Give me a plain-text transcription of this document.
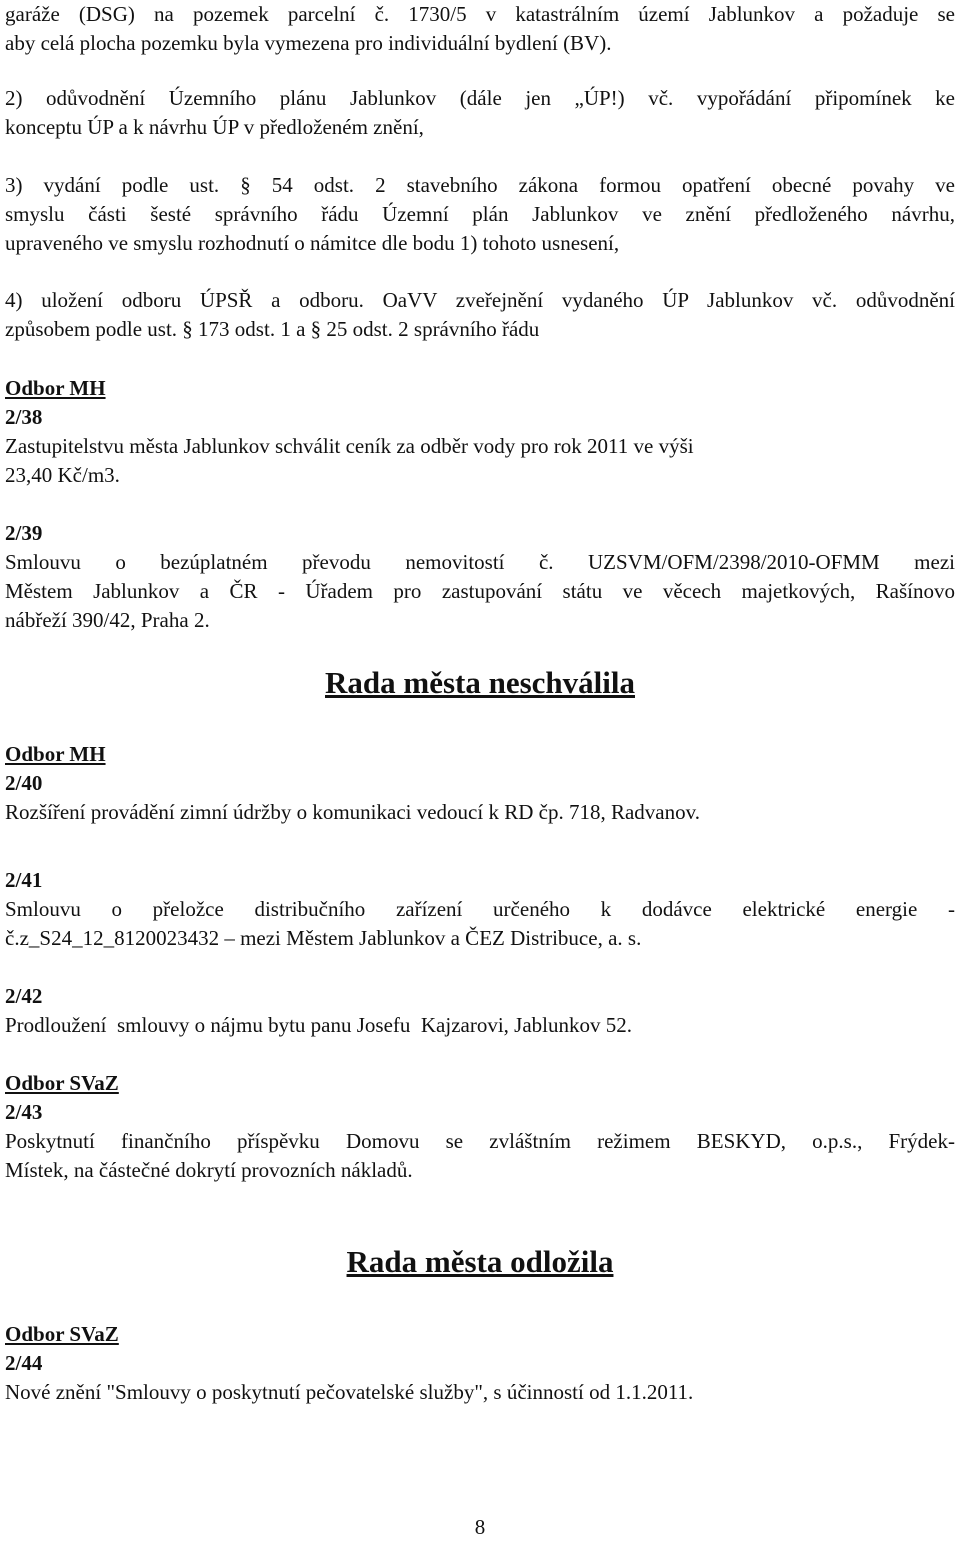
garáže (DSG) na pozemek parcelní č. 1730/5 v katastrálním území Jablunkov a požaduje se

aby celá plocha pozemku byla vymezena pro individuální bydlení (BV).

2) odůvodnění Územního plánu Jablunkov (dále jen „ÚP!) vč. vypořádání připomínek ke

konceptu ÚP a k návrhu ÚP v předloženém znění,

3) vydání podle ust. § 54 odst. 2 stavebního zákona formou opatření obecné povahy ve

smyslu části šesté správního řádu Územní plán Jablunkov ve znění předloženého návrhu,

upraveného ve smyslu rozhodnutí o námitce dle bodu 1) tohoto usnesení,

4) uložení odboru ÚPSŘ a odboru. OaVV zveřejnění vydaného ÚP Jablunkov vč. odůvodnění

způsobem podle ust. § 173 odst. 1 a § 25 odst. 2 správního řádu

Odbor MH
2/38

Zastupitelstvu města Jablunkov schválit ceník za odběr vody pro rok 2011 ve výši

23,40 Kč/m3.

2/39

Smlouvu o bezúplatném převodu nemovitostí č. UZSVM/OFM/2398/2010-OFMM mezi

Městem Jablunkov a ČR - Úřadem pro zastupování státu ve věcech majetkových, Rašínovo

nábřeží 390/42, Praha 2.

Rada města neschválila
Odbor MH
2/40

Rozšíření provádění zimní údržby o komunikaci vedoucí k RD čp. 718, Radvanov.

2/41

Smlouvu o přeložce distribučního zařízení určeného k dodávce elektrické energie -

č.z_S24_12_8120023432 – mezi Městem Jablunkov a ČEZ Distribuce, a. s.

2/42

Prodloužení  smlouvy o nájmu bytu panu Josefu  Kajzarovi, Jablunkov 52.

Odbor SVaZ
2/43

Poskytnutí finančního příspěvku Domovu se zvláštním režimem BESKYD, o.p.s., Frýdek-

Místek, na částečné dokrytí provozních nákladů.

Rada města odložila
Odbor SVaZ
2/44

Nové znění "Smlouvy o poskytnutí pečovatelské služby", s účinností od 1.1.2011.

8
